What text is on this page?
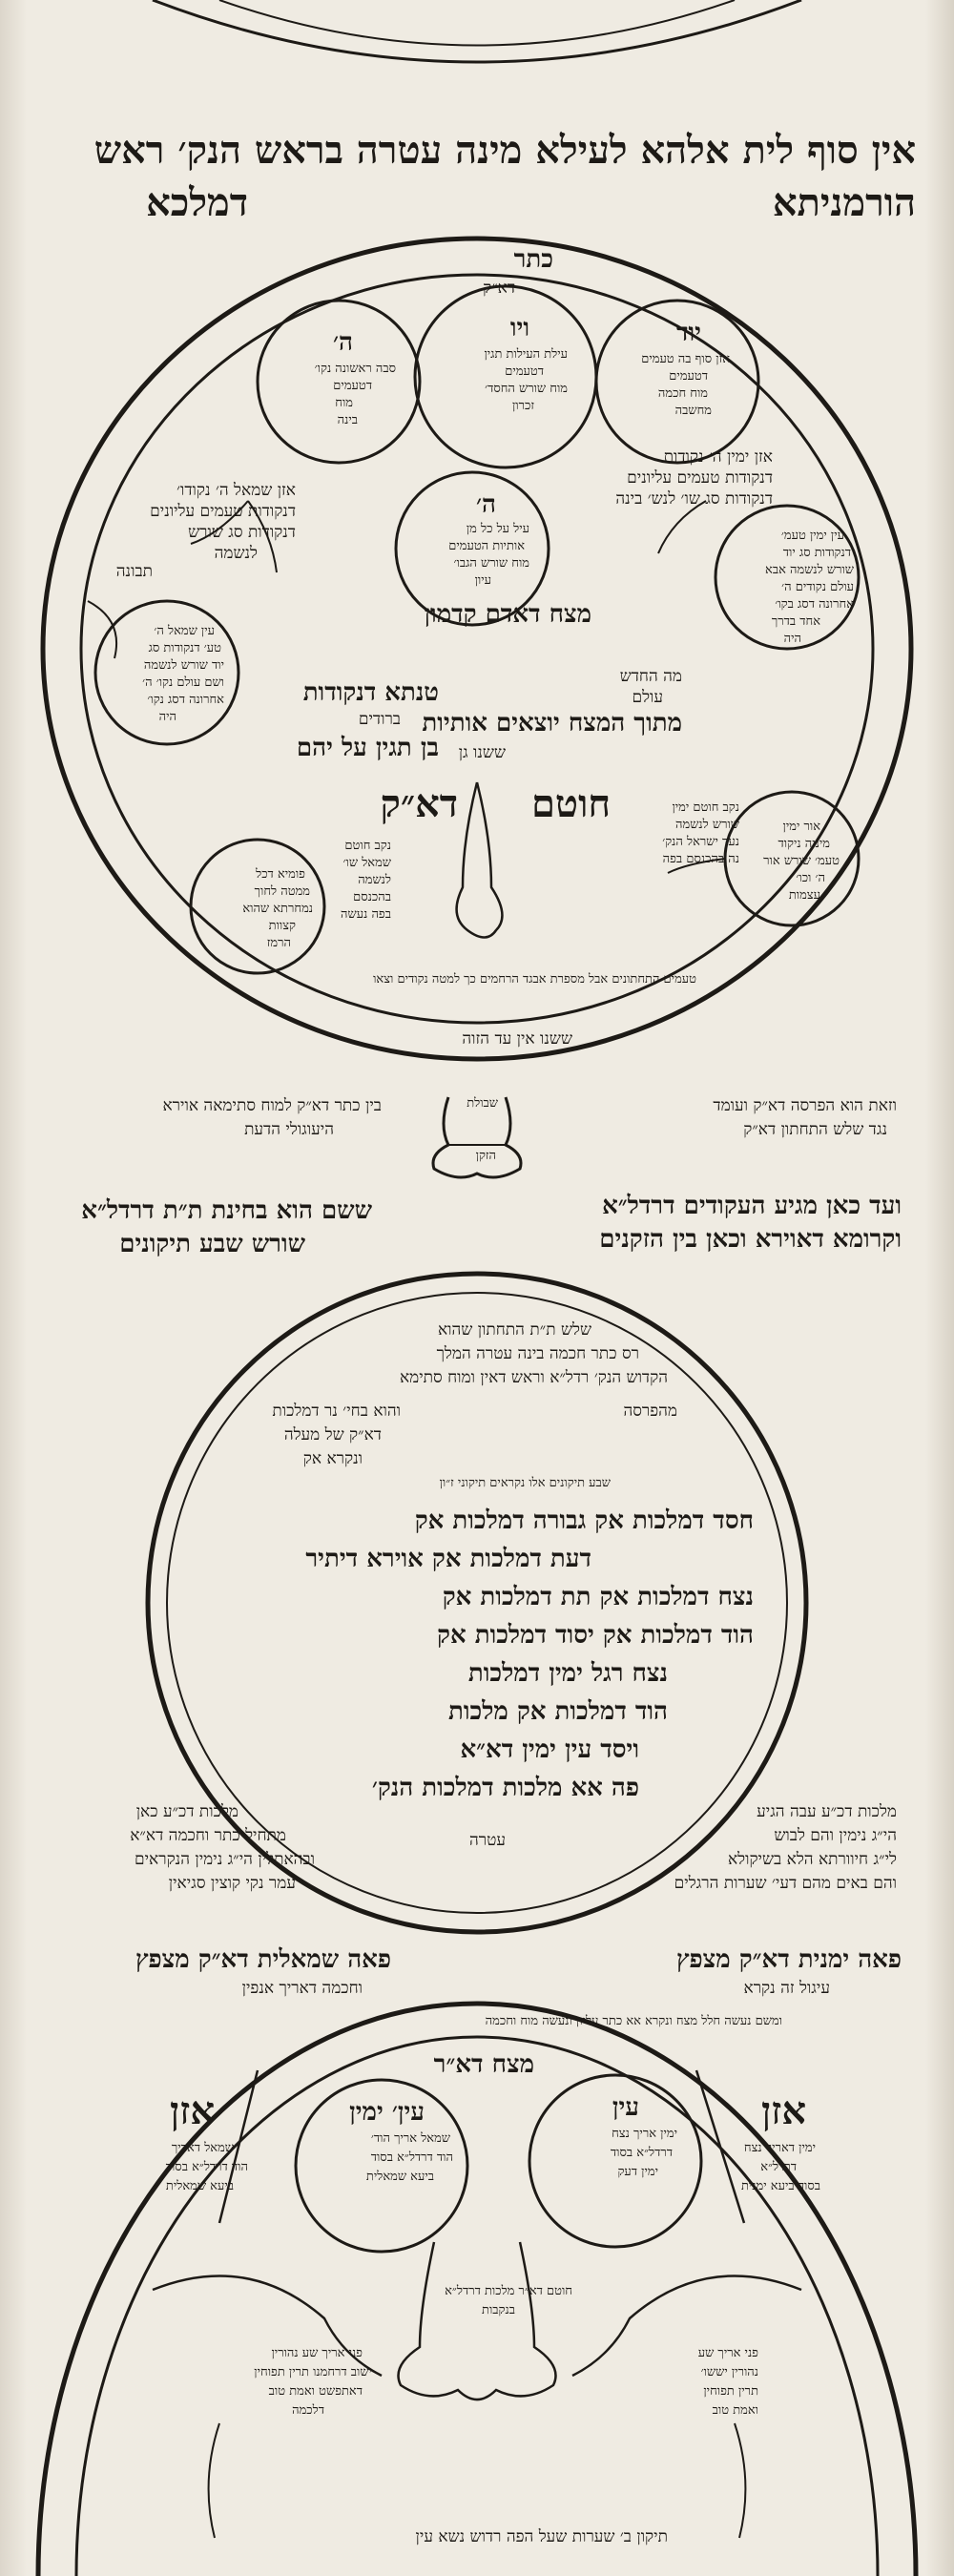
אין סוף לית אלהא לעילא מינה עטרה בראש הנק׳ ראש
הורמניתא
דמלכא
כתר
דא״ק
יוד
אזן סוף בה טעמים
דטעמים
מוח חכמה
מחשבה
ויו
עילת העילות תגין
דטעמים
מוח שורש החסד׳
זכרון
ה׳
סבה ראשונה נקו׳
דטעמים
מוח
בינה
ה׳
עיל על כל מן
אותיות הטעמים
מוח שורש הגבו׳
עיון
אזן ימין ה׳ נקודות
דנקודות טעמים עליונים
דנקודות סג שו׳ לנש׳ בינה
אזן שמאל ה׳ נקודו׳
דנקודות טעמים עליונים
דנקודות סג שורש
לנשמה
תבונה
עין ימין טעמ׳
דנקודות סג יוד
שורש לנשמה אבא
עולם נקודים ה׳
אחרונה דסג בקו׳
אחד בדרך
היה
עין שמאל ה׳
טע׳ דנקודות סג
יוד שורש לנשמה
ושם עולם נקו׳ ה׳
אחרונה דסג נקו׳
היה
מצח דאדם קדמון
מה החדש
עולם
מתוך המצח יוצאים אותיות
ששנו גן
טנתא דנקודות
ברודים
בן תגין על יהם
דא״ק חוטם	נקב חוטם ימין
שורש לנשמה
נער ישראל הנק׳
נה בהכנסם בפה
נקב חוטם
שמאל שו׳
לנשמה
בהכנסם
בפה נעשה
פומיא דכל
ממטה לחוך
נמחרתא שהוא
קצוות
הרמז
אור ימין
מיניה ניקוד
טעמ׳ שורש אור
ה׳ וכו׳
עצמות
טעמים התחתונים אבל מספרת אבגד הרחמים כך למטה נקודים וצאו
ששנו אין עד הזוה
שבולת
הזקן
בין כתר דא״ק למוח סתימאה אוירא
היעוגולי הדעת
וזאת הוא הפרסה דא״ק ועומד
נגד שלש התחתון דא״ק
ששם הוא בחינת ת״ת דרדל״א
שורש שבע תיקונים
ועד כאן מגיע העקודים דרדל״א
וקרומא דאוירא וכאן בין הזקנים
שלש ת״ת התחתון שהוא
רס כתר חכמה בינה עטרה המלך
הקדוש הנק׳ רדל״א וראש דאין ומוח סתימא
מהפרסה
והוא בחי׳ נר דמלכות
דא״ק של מעלה
ונקרא אק
שבע תיקונים אלו נקראים תיקוני ז״ון
חסד דמלכות אק גבורה דמלכות אק
דעת דמלכות אק אוירא דיתיר
נצח דמלכות אק תת דמלכות אק
הוד דמלכות אק יסוד דמלכות אק
נצח רגל ימין דמלכות
הוד דמלכות אק מלכות
ויסד עין ימין דא״א
פה אא מלכות דמלכות הנק׳
עטרה
מלכות דכ״ע כאן
מתחיל כתר וחכמה דא״א
ובהאתלין הי״ג נימין הנקראים
עמר נקי קוצין סגיאין
מלכות דכ״ע עבה הגיע
הי״ג נימין והם לבוש
לי״ג חיוורתא הלא בשיקולא
והם באים מהם דעי׳ שערות הרגלים
פאה ימנית דא״ק מצפץ
פאה שמאלית דא״ק מצפץ
עיגול זה נקרא
וחכמה דאריך אנפין
ומשם נעשה חלל מצח ונקרא אא כתר עליון ונעשה מוח וחכמה
מצח דא״ר
עין
ימין אריך נצח
דרדל״א בסוד
ימין דעק
עין׳ ימין
שמאל אריך הוד׳
הוד דרדל״א בסוד
ביעא שמאלית
אזן
ימין דאריך נצח
דרדל״א
בסוד ביעא ימנית
אזן
שמאל דאריך
הוד דרדל״א בסוד
ביעא שמאלית
חוטם דא״ר מלכות דרדל״א
בנקבות
פני אריך שע
נהורין יששו׳
תרין תפוחין
ואמת טוב
פני אריך שע נהורין
ישוב דרחמנו תרין תפוחין
דאתפשט ואמת טוב
דלכמה
תיקון ב׳ שערות שעל הפה רדוש נשא עין
